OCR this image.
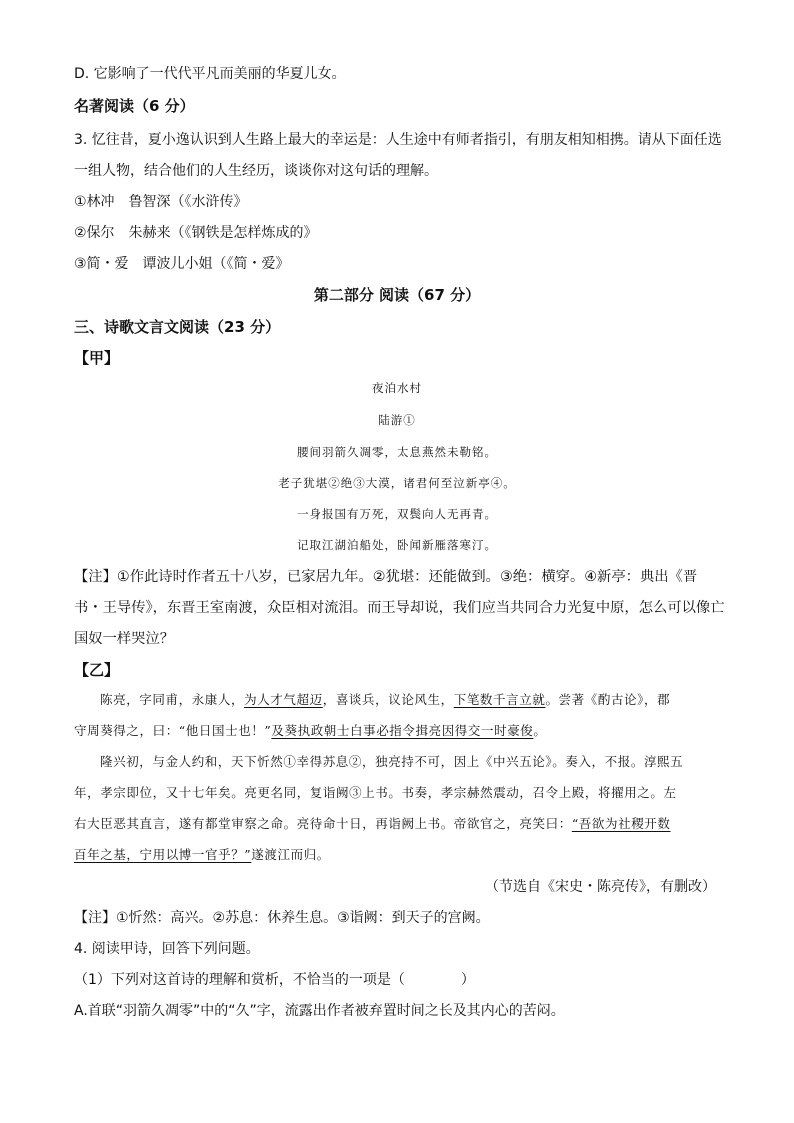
D. 它影响了一代代平凡而美丽的华夏儿女。
名著阅读（6 分）
3. 忆往昔，夏小逸认识到人生路上最大的幸运是：人生途中有师者指引，有朋友相知相携。请从下面任选
一组人物，结合他们的人生经历，谈谈你对这句话的理解。
①林冲　鲁智深（《水浒传》
②保尔　朱赫来（《钢铁是怎样炼成的》
③简・爱　谭波儿小姐（《简・爱》
第二部分 阅读（67 分）
三、诗歌文言文阅读（23 分）
【甲】
夜泊水村
陆游①
腰间羽箭久凋零，太息燕然未勒铭。
老子犹堪②绝③大漠，诸君何至泣新亭④。
一身报国有万死，双鬓向人无再青。
记取江湖泊船处，卧闻新雁落寒汀。
【注】①作此诗时作者五十八岁，已家居九年。②犹堪：还能做到。③绝：横穿。④新亭：典出《晋
书・王导传》，东晋王室南渡，众臣相对流泪。而王导却说，我们应当共同合力光复中原，怎么可以像亡
国奴一样哭泣？
【乙】
陈亮，字同甫，永康人，为人才气超迈，喜谈兵，议论风生，下笔数千言立就。尝著《酌古论》，郡
守周葵得之，曰：“他日国士也！”及葵执政朝士白事必指令揖亮因得交一时豪俊。
隆兴初，与金人约和，天下忻然①幸得苏息②，独亮持不可，因上《中兴五论》。奏入，不报。淳熙五
年，孝宗即位，又十七年矣。亮更名同，复诣阙③上书。书奏，孝宗赫然震动，召令上殿，将擢用之。左
右大臣恶其直言，遂有都堂审察之命。亮待命十日，再诣阙上书。帝欲官之，亮笑曰：“吾欲为社稷开数
百年之基，宁用以博一官乎？”遂渡江而归。
（节选自《宋史・陈亮传》，有删改）
【注】①忻然：高兴。②苏息：休养生息。③诣阙：到天子的宫阙。
4. 阅读甲诗，回答下列问题。
（1）下列对这首诗的理解和赏析，不恰当的一项是（　　　　）
A.首联“羽箭久凋零”中的“久”字，流露出作者被弃置时间之长及其内心的苦闷。
